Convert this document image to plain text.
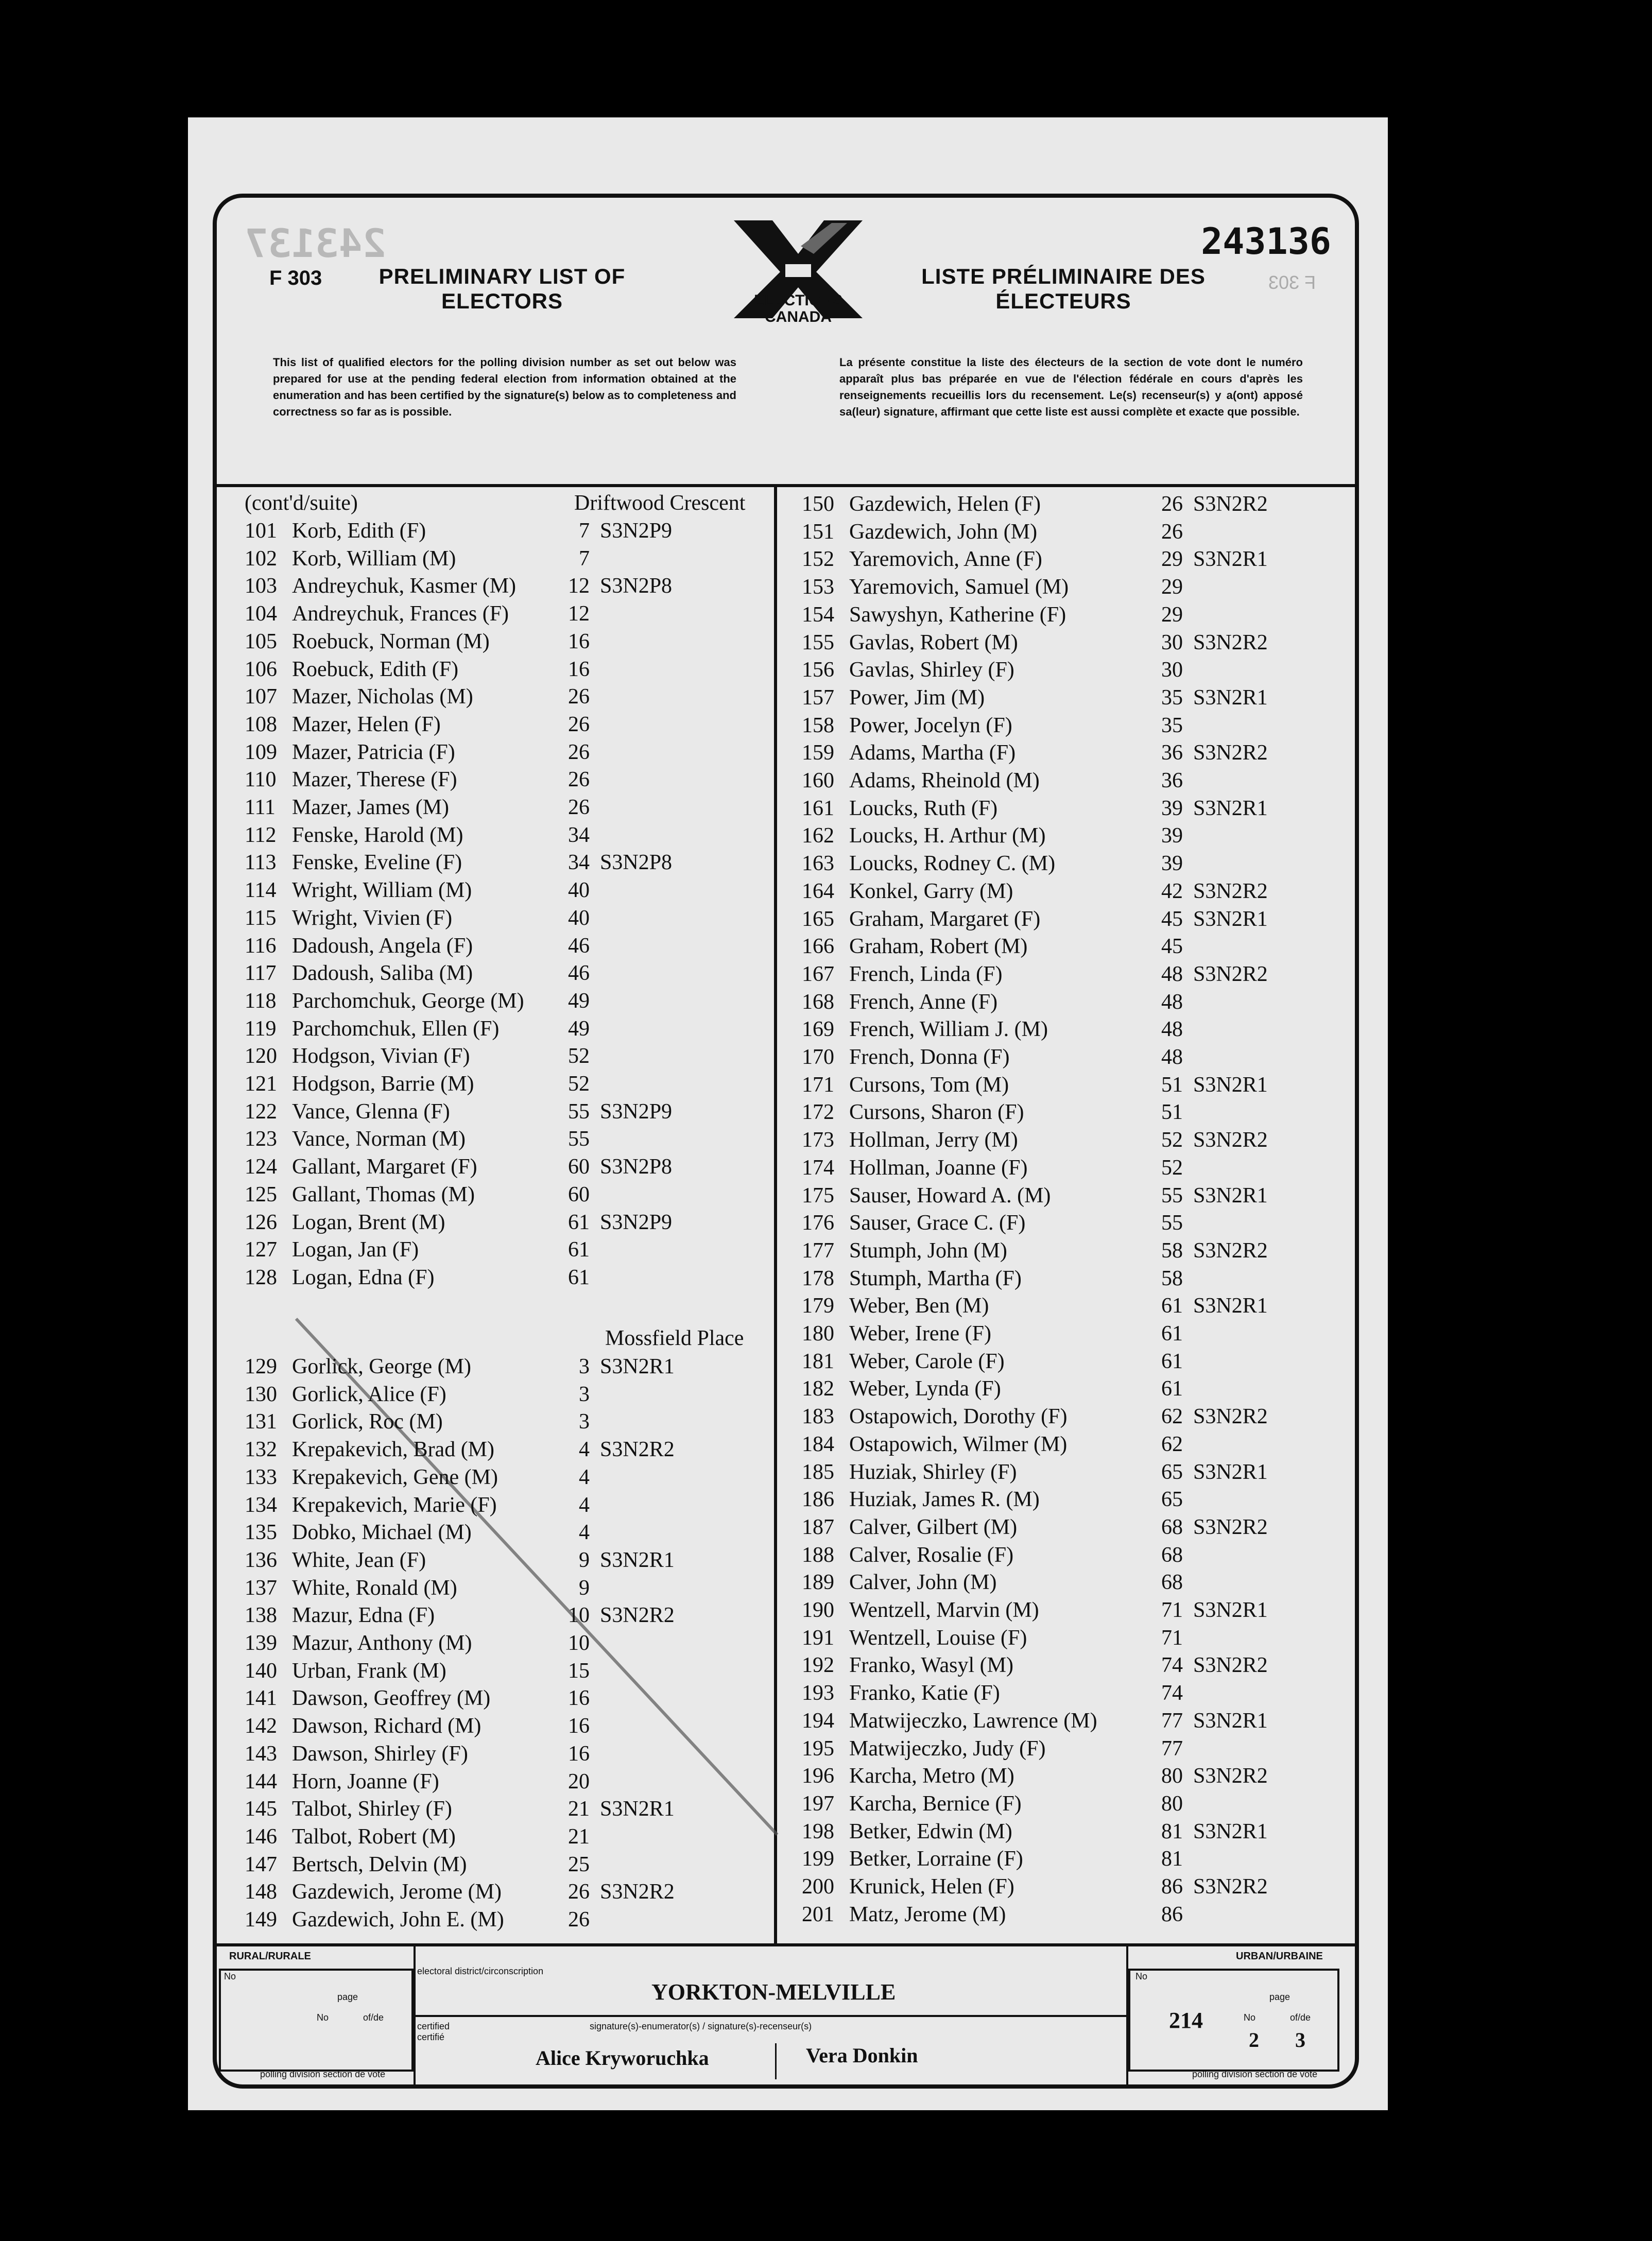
243137	243136
F 303	F 303
PRELIMINARY LIST OF ELECTORS
LISTE PRÉLIMINAIRE DES ÉLECTEURS
ELECTIONS CANADA
This list of qualified electors for the polling division number as set out below was prepared for use at the pending federal election from information obtained at the enumeration and has been certified by the signature(s) below as to completeness and correctness so far as is possible.
La présente constitue la liste des électeurs de la section de vote dont le numéro apparaît plus bas préparée en vue de l'élection fédérale en cours d'après les renseignements recueillis lors du recensement. Le(s) recenseur(s) y a(ont) apposé sa(leur) signature, affirmant que cette liste est aussi complète et exacte que possible.
(cont'd/suite)	Driftwood Crescent
101 Korb, Edith (F)	7 S3N2P9
102 Korb, William (M)	7
103 Andreychuk, Kasmer (M)	12 S3N2P8
104 Andreychuk, Frances (F)	12
105 Roebuck, Norman (M)	16
106 Roebuck, Edith (F)	16
107 Mazer, Nicholas (M)	26
108 Mazer, Helen (F)	26
109 Mazer, Patricia (F)	26
110 Mazer, Therese (F)	26
111 Mazer, James (M)	26
112 Fenske, Harold (M)	34
113 Fenske, Eveline (F)	34 S3N2P8
114 Wright, William (M)	40
115 Wright, Vivien (F)	40
116 Dadoush, Angela (F)	46
117 Dadoush, Saliba (M)	46
118 Parchomchuk, George (M)	49
119 Parchomchuk, Ellen (F)	49
120 Hodgson, Vivian (F)	52
121 Hodgson, Barrie (M)	52
122 Vance, Glenna (F)	55 S3N2P9
123 Vance, Norman (M)	55
124 Gallant, Margaret (F)	60 S3N2P8
125 Gallant, Thomas (M)	60
126 Logan, Brent (M)	61 S3N2P9
127 Logan, Jan (F)	61
128 Logan, Edna (F)	61
Mossfield Place
129 Gorlick, George (M)	3 S3N2R1
130 Gorlick, Alice (F)	3
131 Gorlick, Roc (M)	3
132 Krepakevich, Brad (M)	4 S3N2R2
133 Krepakevich, Gene (M)	4
134 Krepakevich, Marie (F)	4
135 Dobko, Michael (M)	4
136 White, Jean (F)	9 S3N2R1
137 White, Ronald (M)	9
138 Mazur, Edna (F)	10 S3N2R2
139 Mazur, Anthony (M)	10
140 Urban, Frank (M)	15
141 Dawson, Geoffrey (M)	16
142 Dawson, Richard (M)	16
143 Dawson, Shirley (F)	16
144 Horn, Joanne (F)	20
145 Talbot, Shirley (F)	21 S3N2R1
146 Talbot, Robert (M)	21
147 Bertsch, Delvin (M)	25
148 Gazdewich, Jerome (M)	26 S3N2R2
149 Gazdewich, John E. (M)	26
150 Gazdewich, Helen (F)	26 S3N2R2
151 Gazdewich, John (M)	26
152 Yaremovich, Anne (F)	29 S3N2R1
153 Yaremovich, Samuel (M)	29
154 Sawyshyn, Katherine (F)	29
155 Gavlas, Robert (M)	30 S3N2R2
156 Gavlas, Shirley (F)	30
157 Power, Jim (M)	35 S3N2R1
158 Power, Jocelyn (F)	35
159 Adams, Martha (F)	36 S3N2R2
160 Adams, Rheinold (M)	36
161 Loucks, Ruth (F)	39 S3N2R1
162 Loucks, H. Arthur (M)	39
163 Loucks, Rodney C. (M)	39
164 Konkel, Garry (M)	42 S3N2R2
165 Graham, Margaret (F)	45 S3N2R1
166 Graham, Robert (M)	45
167 French, Linda (F)	48 S3N2R2
168 French, Anne (F)	48
169 French, William J. (M)	48
170 French, Donna (F)	48
171 Cursons, Tom (M)	51 S3N2R1
172 Cursons, Sharon (F)	51
173 Hollman, Jerry (M)	52 S3N2R2
174 Hollman, Joanne (F)	52
175 Sauser, Howard A. (M)	55 S3N2R1
176 Sauser, Grace C. (F)	55
177 Stumph, John (M)	58 S3N2R2
178 Stumph, Martha (F)	58
179 Weber, Ben (M)	61 S3N2R1
180 Weber, Irene (F)	61
181 Weber, Carole (F)	61
182 Weber, Lynda (F)	61
183 Ostapowich, Dorothy (F)	62 S3N2R2
184 Ostapowich, Wilmer (M)	62
185 Huziak, Shirley (F)	65 S3N2R1
186 Huziak, James R. (M)	65
187 Calver, Gilbert (M)	68 S3N2R2
188 Calver, Rosalie (F)	68
189 Calver, John (M)	68
190 Wentzell, Marvin (M)	71 S3N2R1
191 Wentzell, Louise (F)	71
192 Franko, Wasyl (M)	74 S3N2R2
193 Franko, Katie (F)	74
194 Matwijeczko, Lawrence (M)	77 S3N2R1
195 Matwijeczko, Judy (F)	77
196 Karcha, Metro (M)	80 S3N2R2
197 Karcha, Bernice (F)	80
198 Betker, Edwin (M)	81 S3N2R1
199 Betker, Lorraine (F)	81
200 Krunick, Helen (F)	86 S3N2R2
201 Matz, Jerome (M)	86
RURAL/RURALE	URBAN/URBAINE
No
page
No	of/de
polling division section de vote
electoral district/circonscription
YORKTON-MELVILLE
certified certifié
signature(s)-enumerator(s) / signature(s)-recenseur(s)
Alice Kryworuchka	Vera Donkin
No
page
No	of/de
214
2 3
polling division section de vote
